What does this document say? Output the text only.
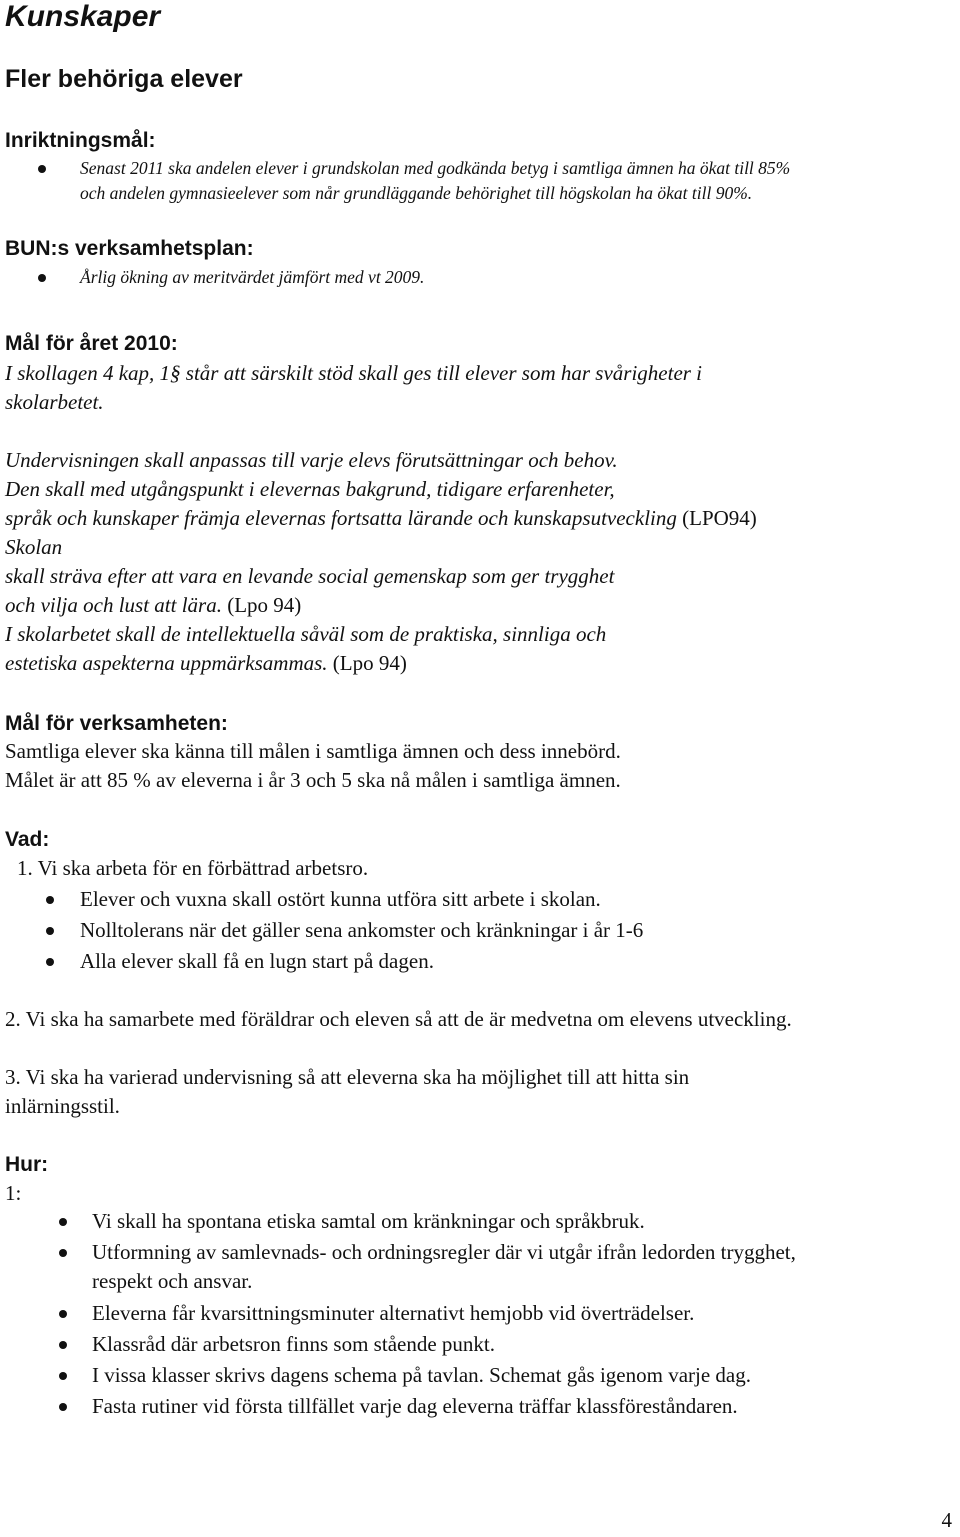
Kunskaper
Fler behöriga elever
Inriktningsmål:
Senast 2011 ska andelen elever i grundskolan med godkända betyg i samtliga ämnen ha ökat till 85%
och andelen gymnasieelever som når grundläggande behörighet till högskolan ha ökat till 90%.
BUN:s verksamhetsplan:
Årlig ökning av meritvärdet jämfört med vt 2009.
Mål för året 2010:
I skollagen 4 kap, 1§ står att särskilt stöd skall ges till elever som har svårigheter i
skolarbetet.
Undervisningen skall anpassas till varje elevs förutsättningar och behov.
Den skall med utgångspunkt i elevernas bakgrund, tidigare erfarenheter,
språk och kunskaper främja elevernas fortsatta lärande och kunskapsutveckling (LPO94)
Skolan
skall sträva efter att vara en levande social gemenskap som ger trygghet
och vilja och lust att lära. (Lpo 94)
I skolarbetet skall de intellektuella såväl som de praktiska, sinnliga och
estetiska aspekterna uppmärksammas. (Lpo 94)
Mål för verksamheten:
Samtliga elever ska känna till målen i samtliga ämnen och dess innebörd.
Målet är att 85 % av eleverna i år 3 och 5 ska nå målen i samtliga ämnen.
Vad:
1. Vi ska arbeta för en förbättrad arbetsro.
Elever och vuxna skall ostört kunna utföra sitt arbete i skolan.
Nolltolerans när det gäller sena ankomster och kränkningar i år 1-6
Alla elever skall få en lugn start på dagen.
2. Vi ska ha samarbete med föräldrar och eleven så att de är medvetna om elevens utveckling.
3. Vi ska ha varierad undervisning så att eleverna ska ha möjlighet till att hitta sin
inlärningsstil.
Hur:
1:
Vi skall ha spontana etiska samtal om kränkningar och språkbruk.
Utformning av samlevnads- och ordningsregler där vi utgår ifrån ledorden trygghet,
respekt och ansvar.
Eleverna får kvarsittningsminuter alternativt hemjobb vid överträdelser.
Klassråd där arbetsron finns som stående punkt.
I vissa klasser skrivs dagens schema på tavlan. Schemat gås igenom varje dag.
Fasta rutiner vid första tillfället varje dag eleverna träffar klassföreståndaren.
4
